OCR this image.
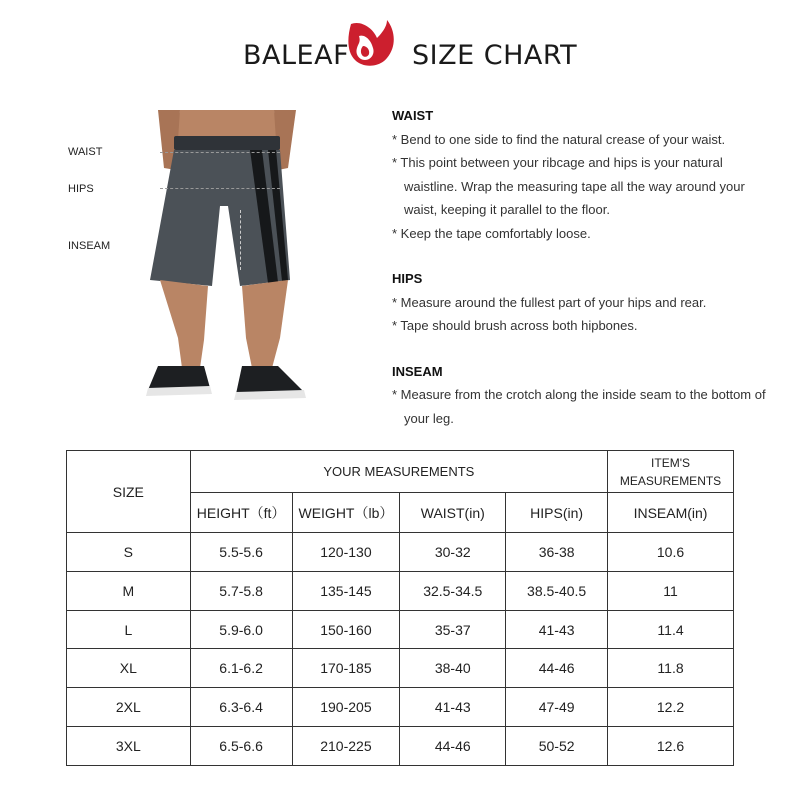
BALEAF SIZE CHART
WAIST
HIPS
INSEAM
WAIST
* Bend to one side to find the natural crease of your waist.
* This point between your ribcage and hips is your natural waistline. Wrap the measuring tape all the way around your waist, keeping it parallel to the floor.
* Keep the tape comfortably loose.
HIPS
* Measure around the fullest part of your hips and rear.
* Tape should brush across both hipbones.
INSEAM
* Measure from the crotch along the inside seam to the bottom of your leg.
SIZE	YOUR MEASUREMENTS				ITEM'S MEASUREMENTS
	HEIGHT（ft）	WEIGHT（lb）	WAIST(in)	HIPS(in)	INSEAM(in)
S	5.5-5.6	120-130	30-32	36-38	10.6
M	5.7-5.8	135-145	32.5-34.5	38.5-40.5	11
L	5.9-6.0	150-160	35-37	41-43	11.4
XL	6.1-6.2	170-185	38-40	44-46	11.8
2XL	6.3-6.4	190-205	41-43	47-49	12.2
3XL	6.5-6.6	210-225	44-46	50-52	12.6
